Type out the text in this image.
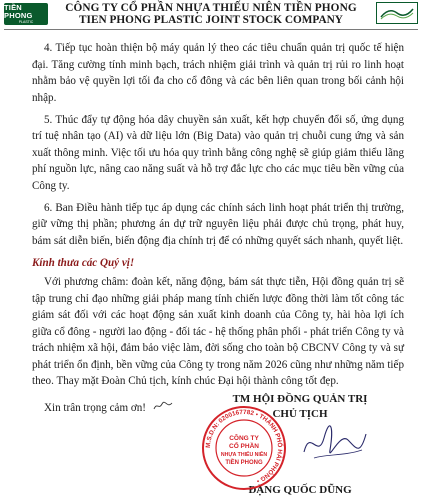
TIỀN PHONG
PLASTIC
CÔNG TY CỔ PHẦN NHỰA THIẾU NIÊN TIỀN PHONG
TIEN PHONG PLASTIC JOINT STOCK COMPANY

4. Tiếp tục hoàn thiện bộ máy quản lý theo các tiêu chuẩn quản trị quốc tế hiện đại. Tăng cường tính minh bạch, trách nhiệm giải trình và quản trị rủi ro linh hoạt nhằm bảo vệ quyền lợi tối đa cho cổ đông và các bên liên quan trong bối cảnh hội nhập.

5. Thúc đẩy tự động hóa dây chuyền sản xuất, kết hợp chuyển đổi số, ứng dụng trí tuệ nhân tạo (AI) và dữ liệu lớn (Big Data) vào quản trị chuỗi cung ứng và sản xuất thông minh. Việc tối ưu hóa quy trình bằng công nghệ sẽ giúp giảm thiểu lãng phí nguồn lực, nâng cao năng suất và hỗ trợ đắc lực cho các mục tiêu bền vững của Công ty.

6. Ban Điều hành tiếp tục áp dụng các chính sách linh hoạt phát triển thị trường, giữ vững thị phần; phương án dự trữ nguyên liệu phải được chủ trọng, phát huy, bám sát diễn biến, biến động địa chính trị để có những quyết sách nhanh, quyết liệt.

Kính thưa các Quý vị!

Với phương châm: đoàn kết, năng động, bám sát thực tiễn, Hội đồng quản trị sẽ tập trung chỉ đạo những giải pháp mang tính chiến lược đồng thời làm tốt công tác giám sát đối với các hoạt động sản xuất kinh doanh của Công ty, hài hòa lợi ích giữa cổ đông - người lao động - đối tác - hệ thống phân phối - phát triển Công ty và trách nhiệm xã hội, đảm bảo việc làm, đời sống cho toàn bộ CBCNV Công ty và sự phát triển ổn định, bền vững của Công ty trong năm 2026 cũng như những năm tiếp theo. Thay mặt Đoàn Chủ tịch, kính chúc Đại hội thành công tốt đẹp.

Xin trân trọng cảm ơn!

TM HỘI ĐỒNG QUẢN TRỊ
CHỦ TỊCH
ĐẶNG QUỐC DŨNG
M.S.D.N: 0200167782 • THÀNH PHỐ HẢI PHÒNG •
CÔNG TY
CỔ PHẦN
NHỰA THIẾU NIÊN
TIỀN PHONG
